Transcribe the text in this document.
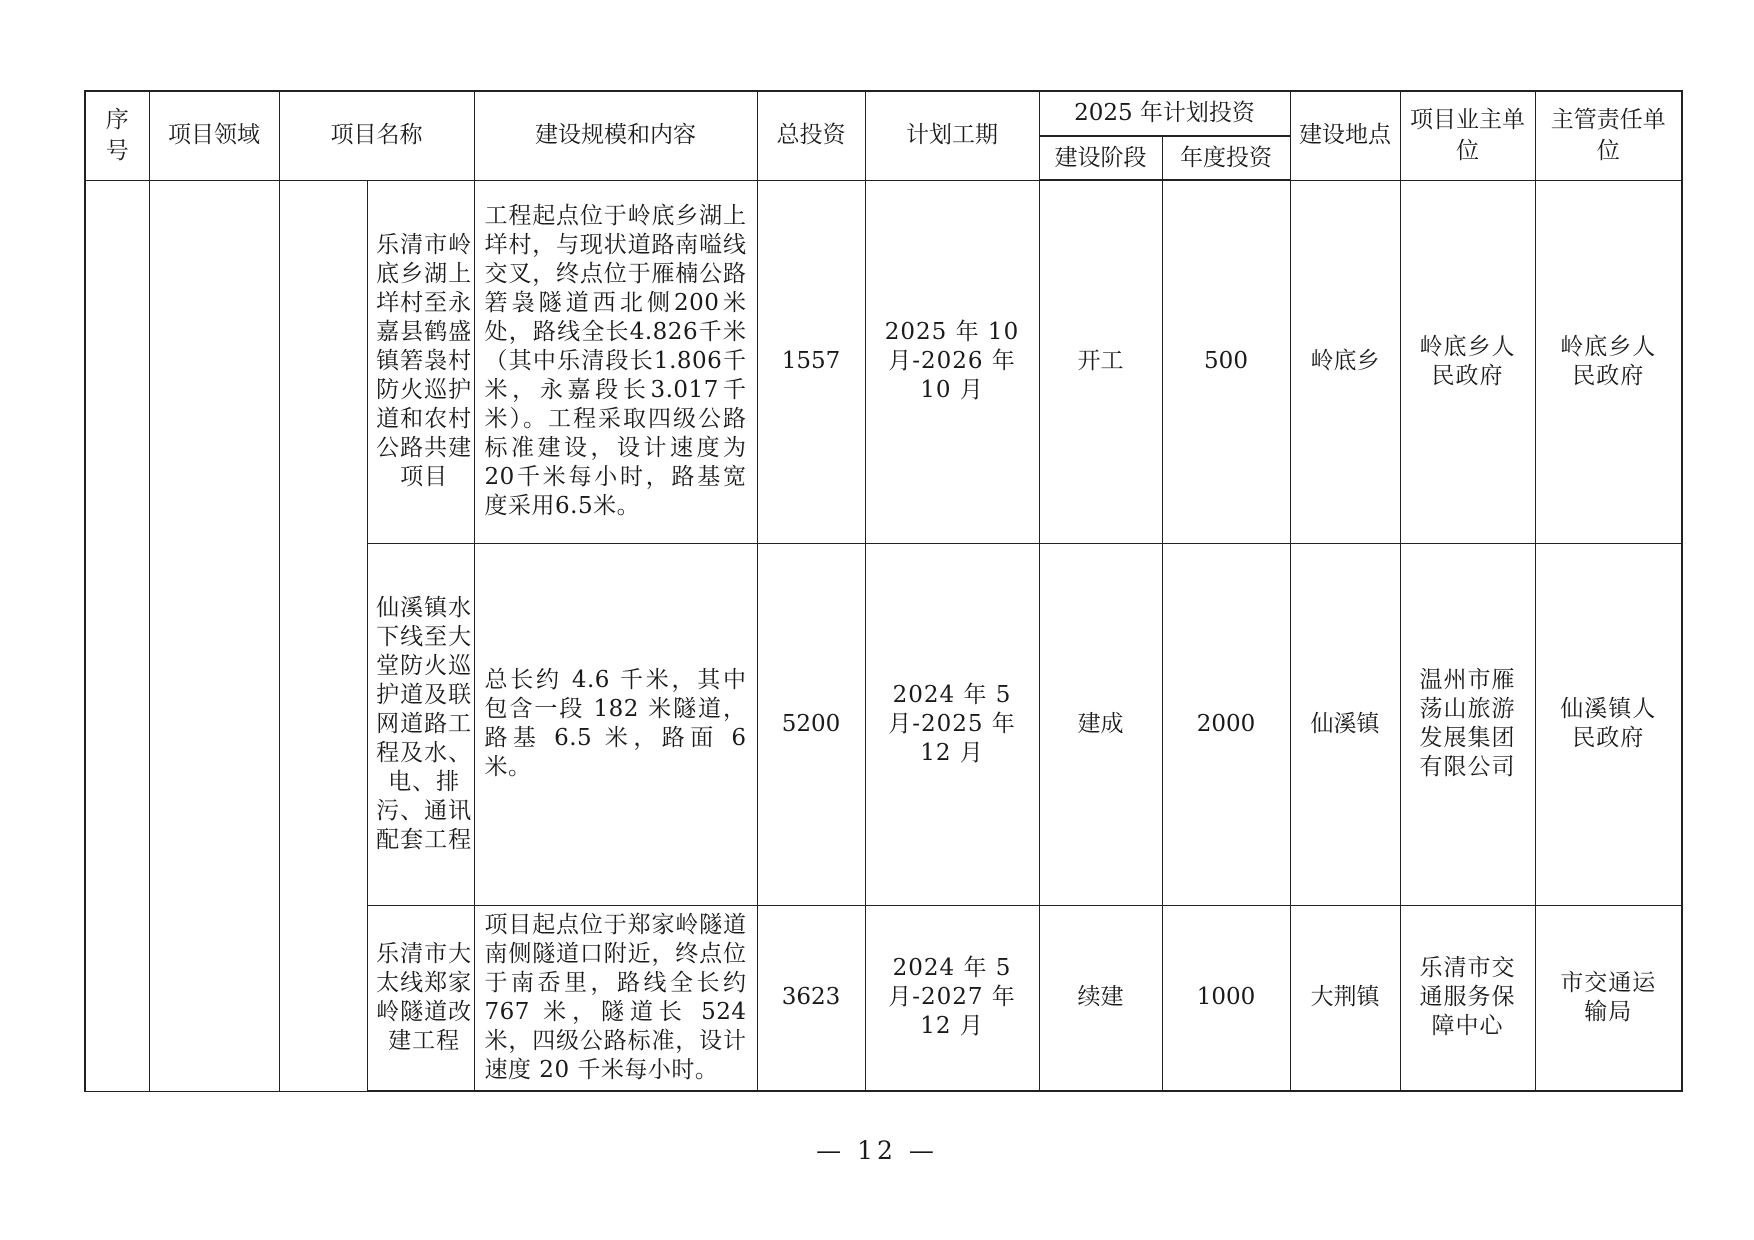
序号	项目领域	项目名称		建设规模和内容	总投资	计划工期	2025 年计划投资		建设地点	项目业主单位	主管责任单位

							建设阶段	年度投资			

			乐清市岭底乡湖上垟村至永嘉县鹤盛镇箬袅村防火巡护道和农村公路共建项目	工程起点位于岭底乡湖上垟村，与现状道路南嗌线交叉，终点位于雁楠公路箬袅隧道西北侧200米处，路线全长4.826千米（其中乐清段长1.806千米，永嘉段长3.017千米）。工程采取四级公路标准建设，设计速度为20千米每小时，路基宽度采用6.5米。	1557	2025 年 10 月-2026 年 10 月	开工	500	岭底乡	岭底乡人民政府	岭底乡人民政府

			仙溪镇水下线至大堂防火巡护道及联网道路工程及水、电、排污、通讯配套工程	总长约 4.6 千米，其中包含一段 182 米隧道，路基 6.5 米，路面 6 米。	5200	2024 年 5 月-2025 年 12 月	建成	2000	仙溪镇	温州市雁荡山旅游发展集团有限公司	仙溪镇人民政府

			乐清市大太线郑家岭隧道改建工程	项目起点位于郑家岭隧道南侧隧道口附近，终点位于南岙里，路线全长约 767 米，隧道长 524 米，四级公路标准，设计速度 20 千米每小时。	3623	2024 年 5 月-2027 年 12 月	续建	1000	大荆镇	乐清市交通服务保障中心	市交通运输局
— 12 —
